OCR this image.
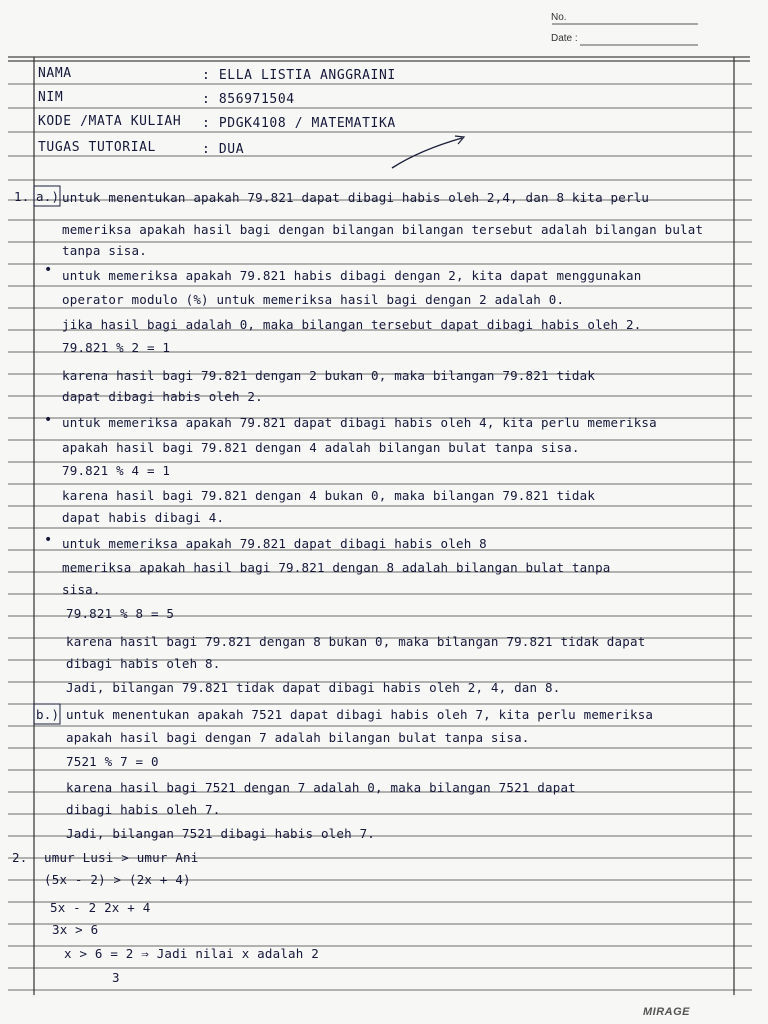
No.
Date :
NAMA	: ELLA LISTIA ANGGRAINI
NIM	: 856971504
KODE /MATA KULIAH : PDGK4108 / MATEMATIKA
TUGAS TUTORIAL	: DUA
1.
2.
a.)
b.)
•
•
•
untuk menentukan apakah 79.821 dapat dibagi habis oleh 2,4, dan 8 kita perlu
memeriksa apakah hasil bagi dengan bilangan bilangan tersebut adalah bilangan bulat
tanpa sisa.
untuk memeriksa apakah 79.821 habis dibagi dengan 2, kita dapat menggunakan
operator modulo (%) untuk memeriksa hasil bagi dengan 2 adalah 0.
jika hasil bagi adalah 0, maka bilangan tersebut dapat dibagi habis oleh 2.
79.821 % 2 = 1
karena hasil bagi 79.821 dengan 2 bukan 0, maka bilangan 79.821 tidak
dapat dibagi habis oleh 2.
untuk memeriksa apakah 79.821 dapat dibagi habis oleh 4, kita perlu memeriksa
apakah hasil bagi 79.821 dengan 4 adalah bilangan bulat tanpa sisa.
79.821 % 4 = 1
karena hasil bagi 79.821 dengan 4 bukan 0, maka bilangan 79.821 tidak
dapat habis dibagi 4.
untuk memeriksa apakah 79.821 dapat dibagi habis oleh 8
memeriksa apakah hasil bagi 79.821 dengan 8 adalah bilangan bulat tanpa
sisa.
79.821 % 8 = 5
karena hasil bagi 79.821 dengan 8 bukan 0, maka bilangan 79.821 tidak dapat
dibagi habis oleh 8.
Jadi, bilangan 79.821 tidak dapat dibagi habis oleh 2, 4, dan 8.
untuk menentukan apakah 7521 dapat dibagi habis oleh 7, kita perlu memeriksa
apakah hasil bagi dengan 7 adalah bilangan bulat tanpa sisa.
7521 % 7 = 0
karena hasil bagi 7521 dengan 7 adalah 0, maka bilangan 7521 dapat
dibagi habis oleh 7.
Jadi, bilangan 7521 dibagi habis oleh 7.
umur Lusi > umur Ani
(5x - 2) > (2x + 4)
5x - 2 2x + 4
3x > 6
x > 6 = 2 ⇒ Jadi nilai x adalah 2
3
MIRAGE
